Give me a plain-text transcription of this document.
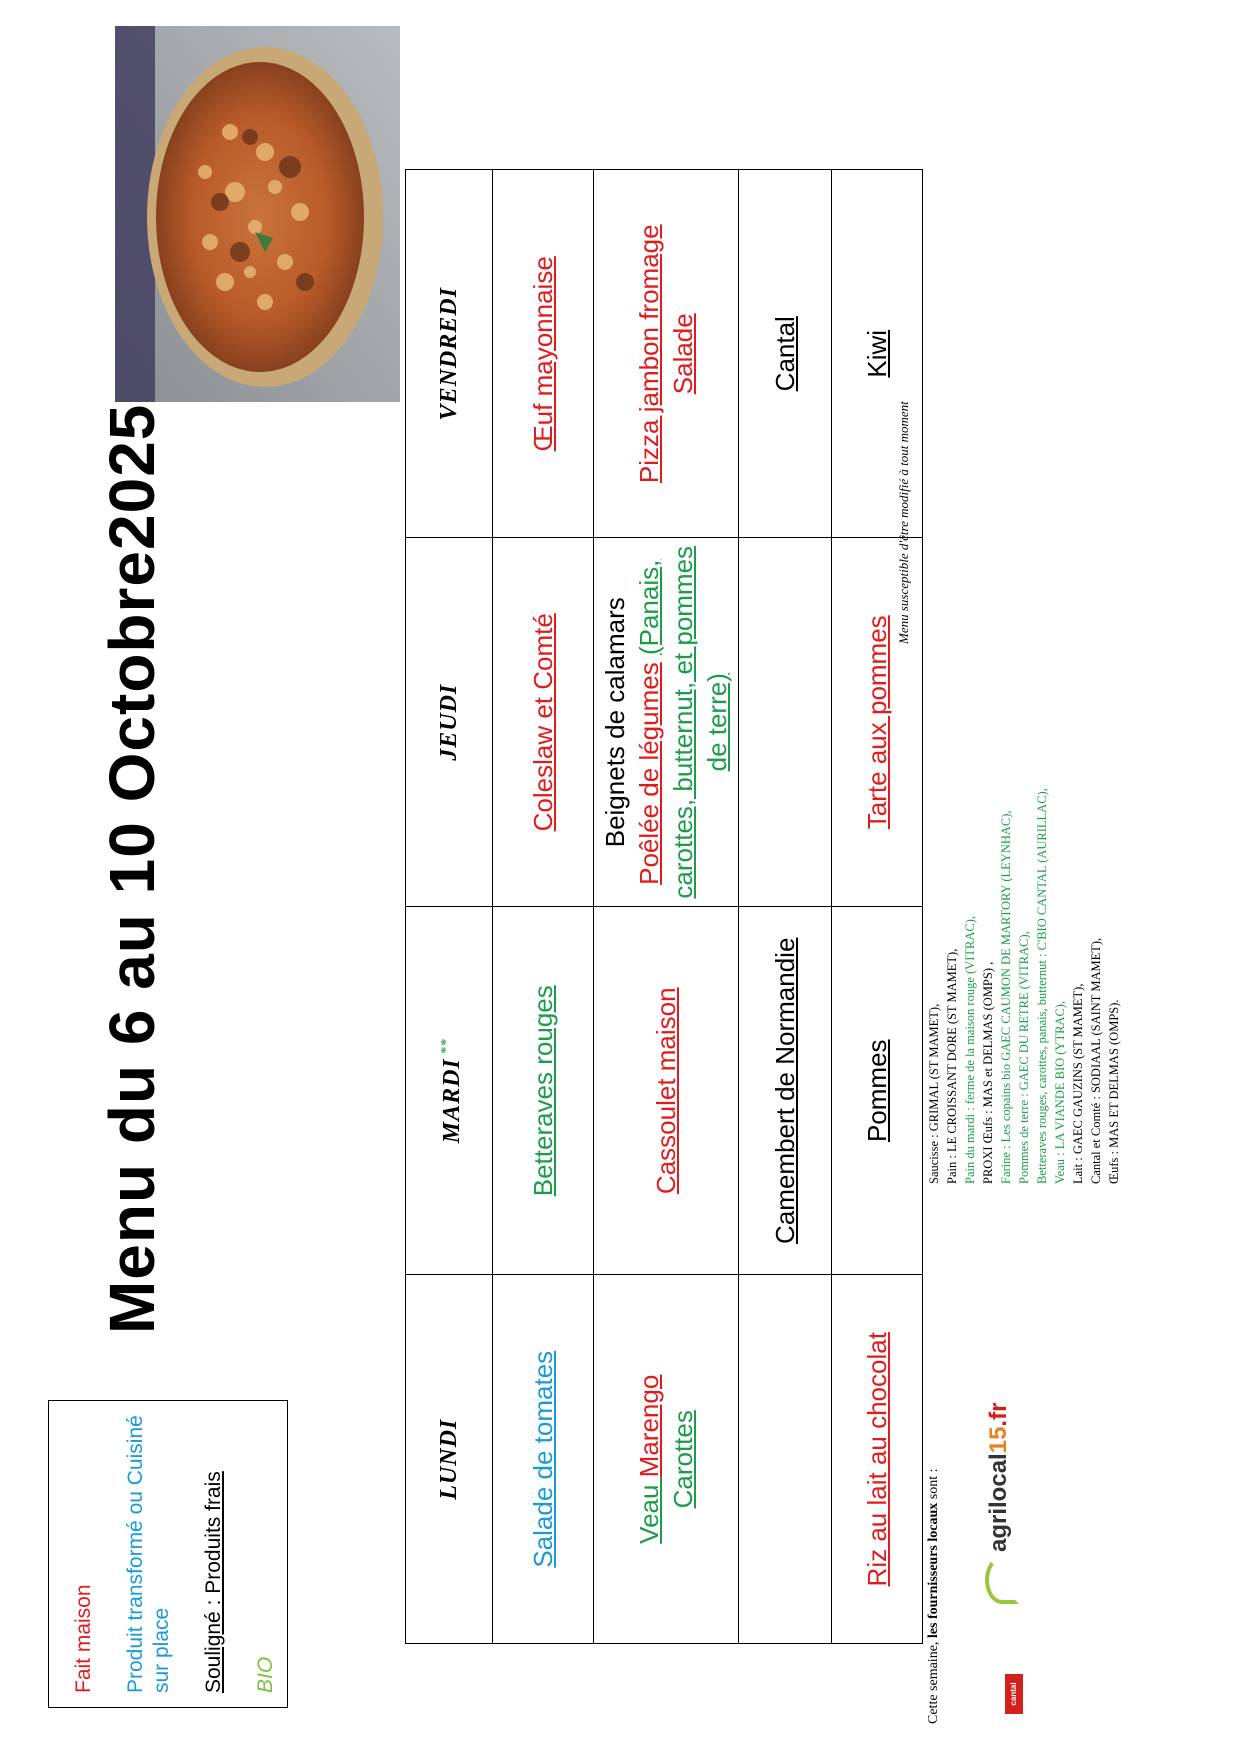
Fait maison Produit transformé ou Cuisiné sur place Souligné : Produits frais BIO
Menu du 6 au 10 Octobre2025
LUNDI	MARDI**	JEUDI	VENDREDI
Salade de tomates	Betteraves rouges	Coleslaw et Comté	Œuf mayonnaise
Veau Marengo Carottes	Cassoulet maison	Beignets de calamars Poêlée de légumes (Panais, carottes, butternut, et pommes de terre)	Pizza jambon fromage Salade
	Camembert de Normandie		Cantal
Riz au lait au chocolat	Pommes	Tarte aux pommes	Kiwi
Menu susceptible d'être modifié à tout moment
Cette semaine, les fournisseurs locaux sont :
Saucisse : GRIMAL (ST MAMET), Pain : LE CROISSANT DORE (ST MAMET), Pain du mardi : ferme de la maison rouge (VITRAC), PROXI Œufs : MAS et DELMAS (OMPS) , Farine : Les copains bio GAEC CAUMON DE MARTORY (LEYNHAC), Pommes de terre : GAEC DU RETRE (VITRAC), Betteraves rouges, carottes, panais, butternut : C'BIO CANTAL (AURILLAC), Veau : LA VIANDE BIO (YTRAC), Lait : GAEC GAUZINS (ST MAMET), Cantal et Comté : SODIAAL (SAINT MAMET), Œufs : MAS ET DELMAS (OMPS).
cantal
agrilocal15.fr
